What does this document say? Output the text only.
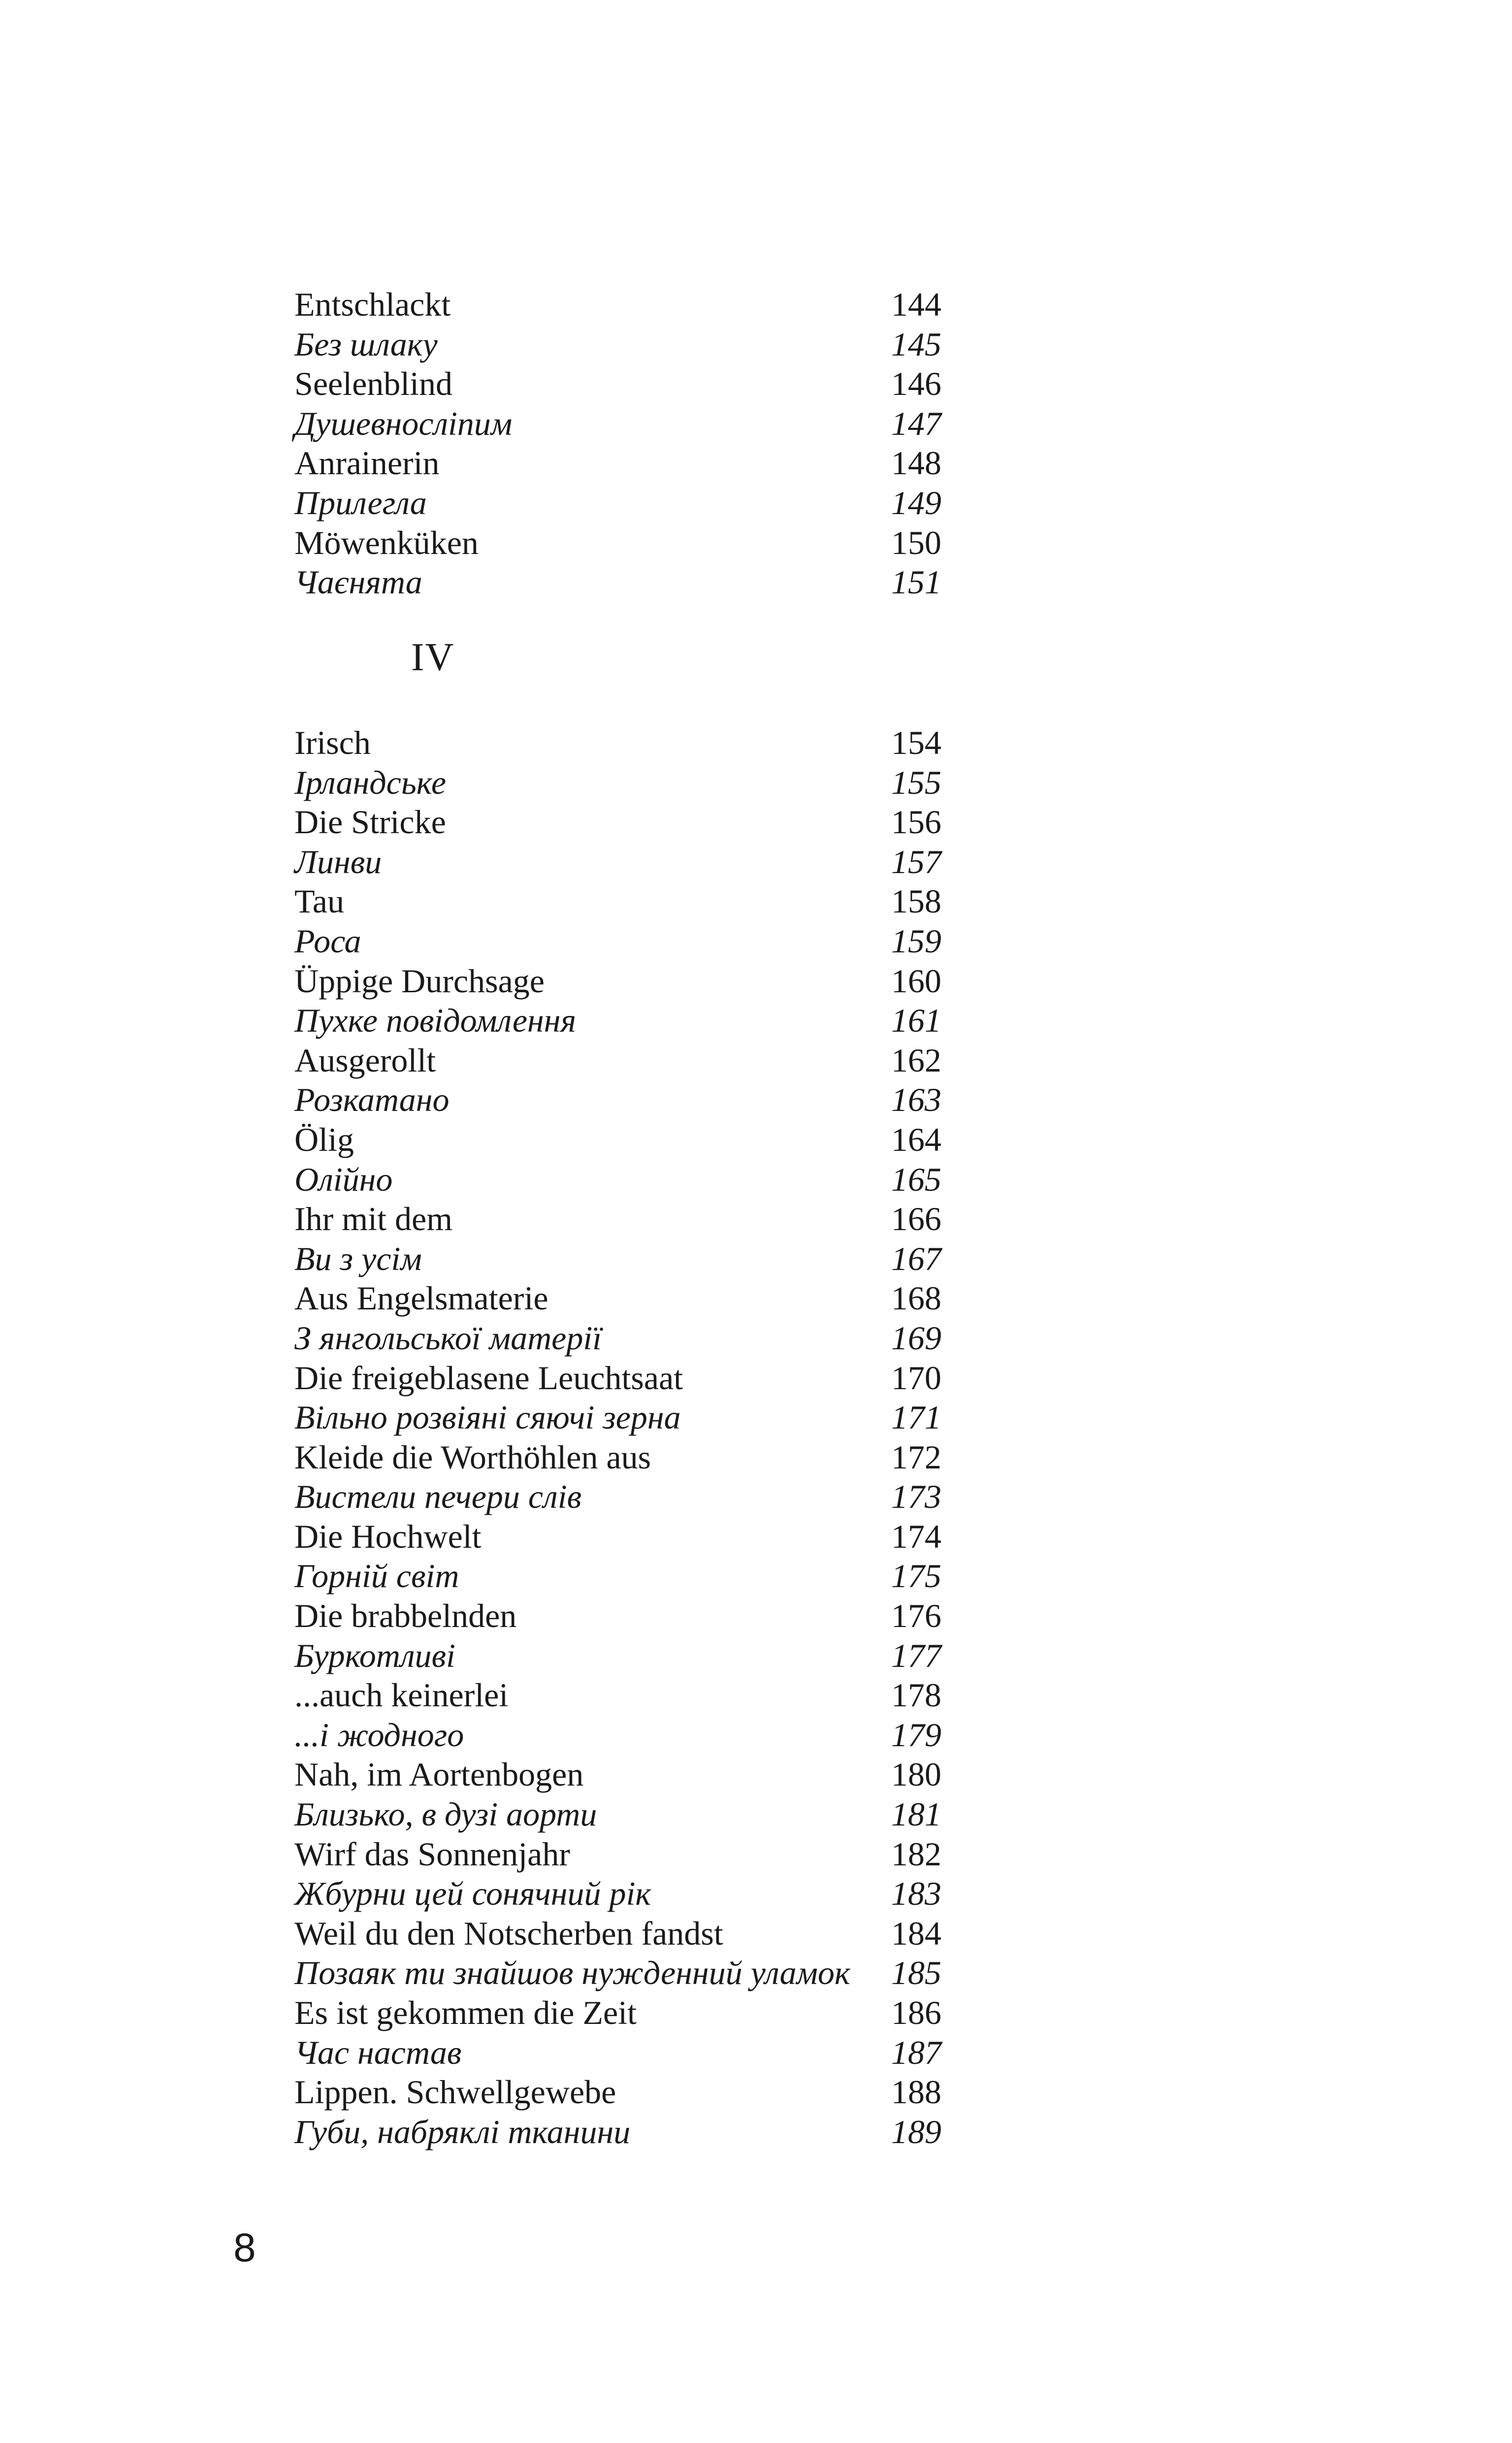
Entschlackt	144
Без шлаку	145
Seelenblind	146
Душевносліпим	147
Anrainerin	148
Прилегла	149
Möwenküken	150
Чаєнята	151
IV
Irisch	154
Ірландське	155
Die Stricke	156
Линви	157
Tau	158
Роса	159
Üppige Durchsage	160
Пухке повідомлення	161
Ausgerollt	162
Розкатано	163
Ölig	164
Олійно	165
Ihr mit dem	166
Ви з усім	167
Aus Engelsmaterie	168
З янгольської матерії	169
Die freigeblasene Leuchtsaat	170
Вільно розвіяні сяючі зерна	171
Kleide die Worthöhlen aus	172
Вистели печери слів	173
Die Hochwelt	174
Горній світ	175
Die brabbelnden	176
Буркотливі	177
...auch keinerlei	178
...і жодного	179
Nah, im Aortenbogen	180
Близько, в дузі аорти	181
Wirf das Sonnenjahr	182
Жбурни цей сонячний рік	183
Weil du den Notscherben fandst	184
Позаяк ти знайшов нужденний уламок 185
Es ist gekommen die Zeit	186
Час настав	187
Lippen. Schwellgewebe	188
Губи, набряклі тканини	189
8
